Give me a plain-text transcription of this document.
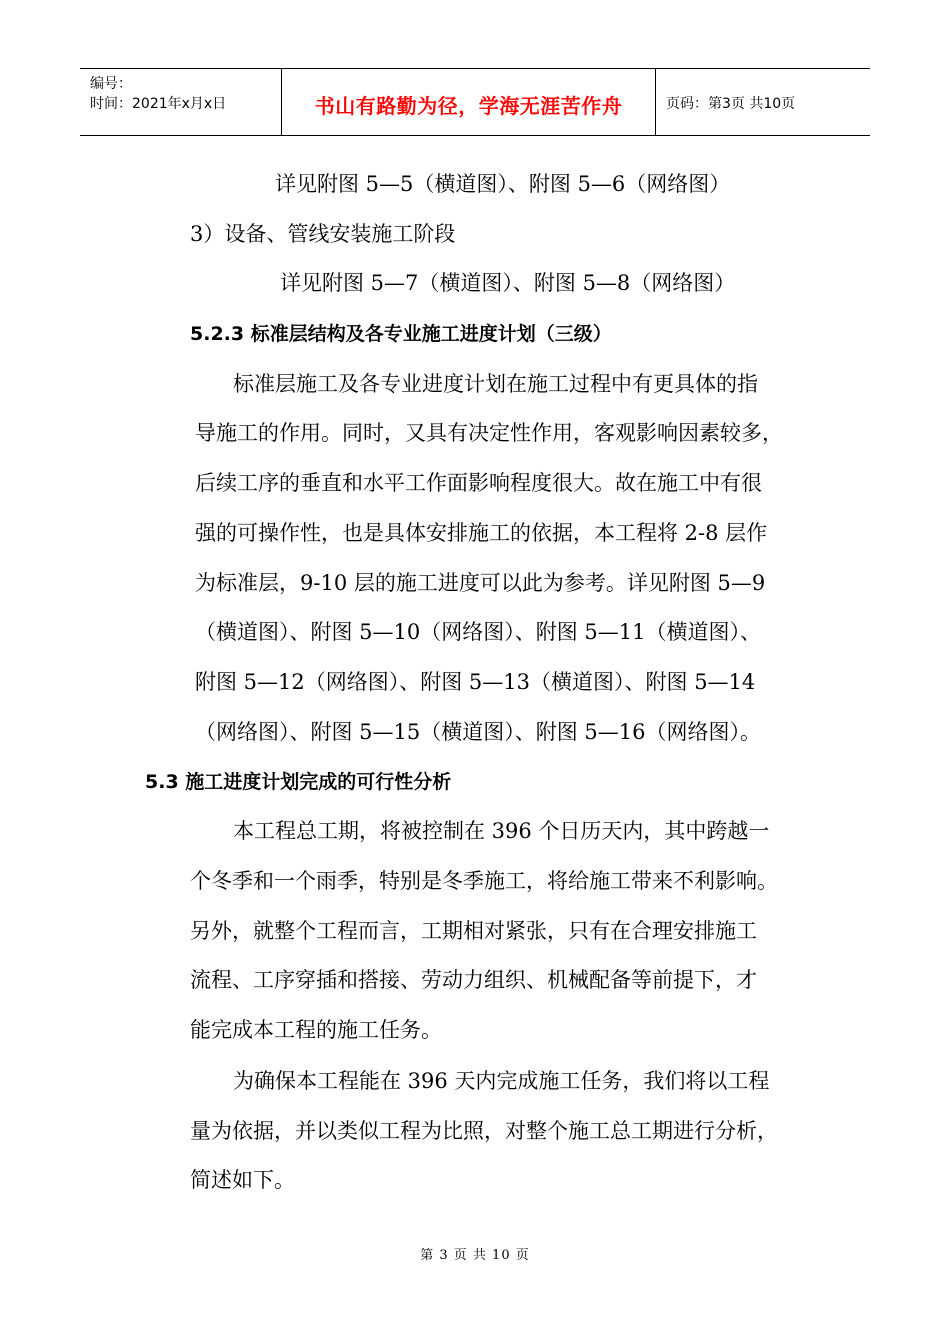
编号：
时间：2021年x月x日	书山有路勤为径，学海无涯苦作舟	页码：第3页 共10页
详见附图 5—5（横道图）、附图 5—6（网络图）
3）设备、管线安装施工阶段
详见附图 5—7（横道图）、附图 5—8（网络图）
5.2.3 标准层结构及各专业施工进度计划（三级）
标准层施工及各专业进度计划在施工过程中有更具体的指
导施工的作用。同时，又具有决定性作用，客观影响因素较多，
后续工序的垂直和水平工作面影响程度很大。故在施工中有很
强的可操作性，也是具体安排施工的依据，本工程将 2-8 层作
为标准层，9-10 层的施工进度可以此为参考。详见附图 5—9
（横道图）、附图 5—10（网络图）、附图 5—11（横道图）、
附图 5—12（网络图）、附图 5—13（横道图）、附图 5—14
（网络图）、附图 5—15（横道图）、附图 5—16（网络图）。
5.3 施工进度计划完成的可行性分析
本工程总工期，将被控制在 396 个日历天内，其中跨越一
个冬季和一个雨季，特别是冬季施工，将给施工带来不利影响。
另外，就整个工程而言，工期相对紧张，只有在合理安排施工
流程、工序穿插和搭接、劳动力组织、机械配备等前提下，才
能完成本工程的施工任务。
为确保本工程能在 396 天内完成施工任务，我们将以工程
量为依据，并以类似工程为比照，对整个施工总工期进行分析，
简述如下。
第 3 页 共 10 页
